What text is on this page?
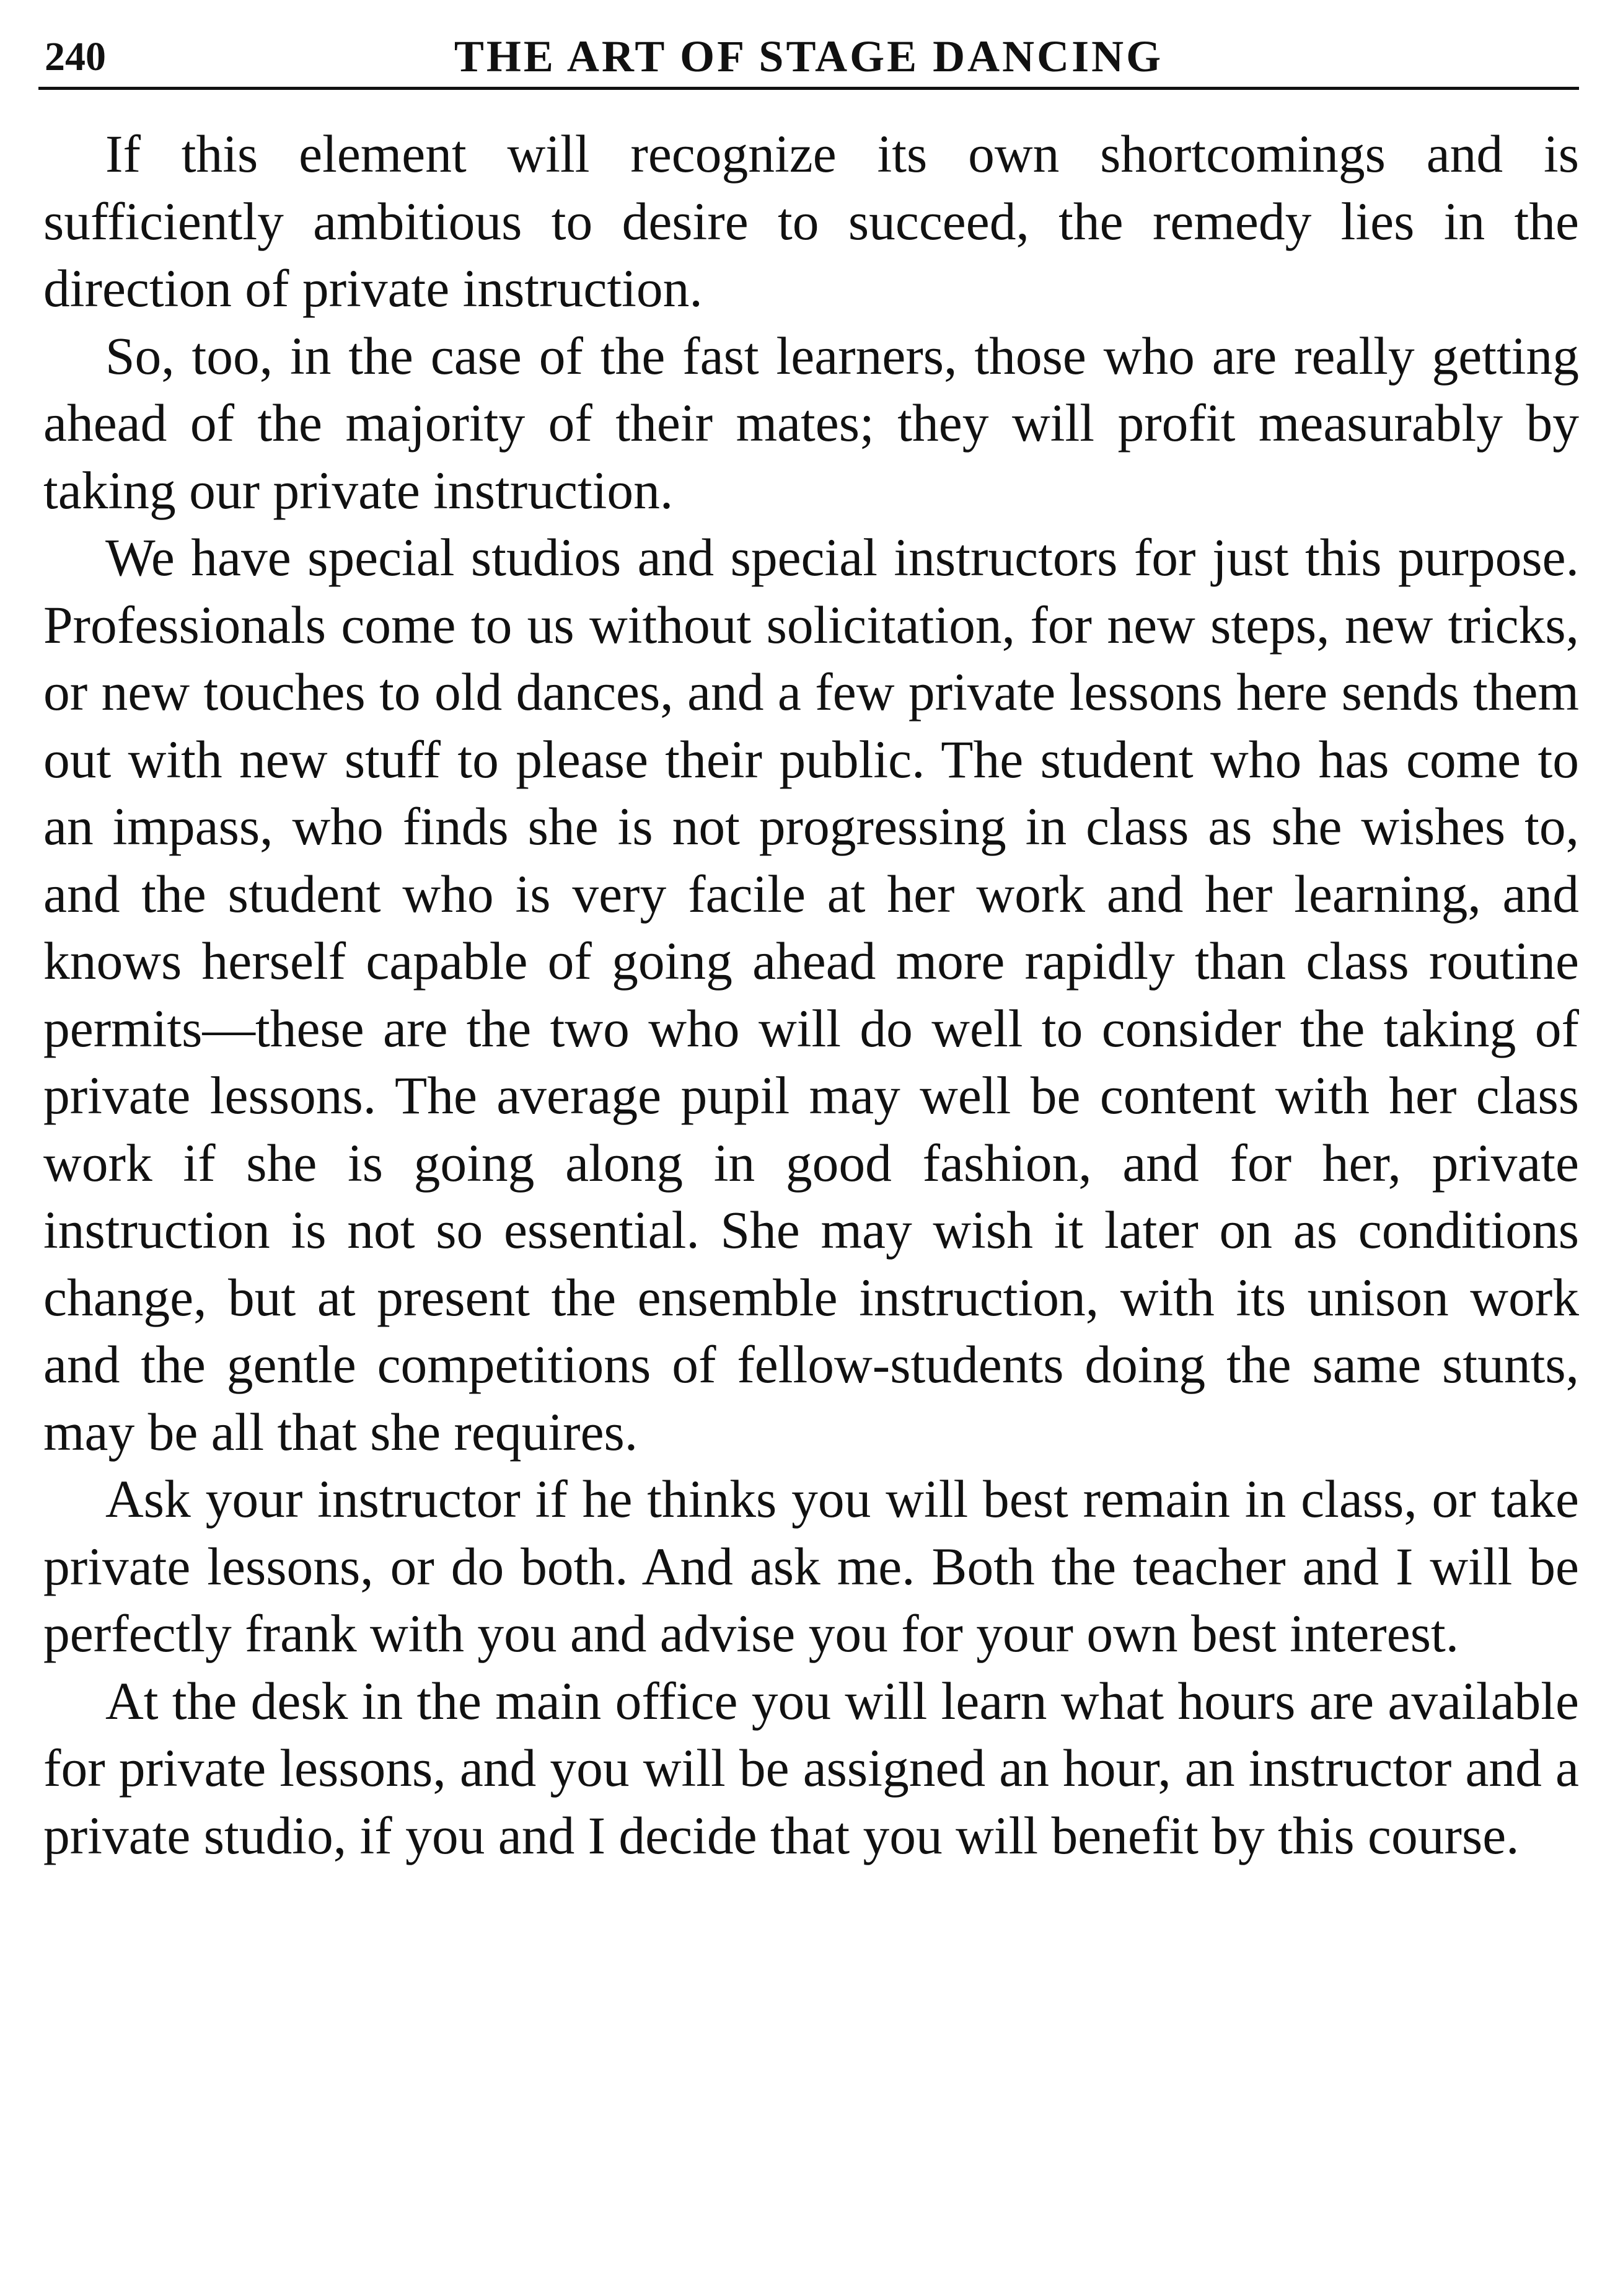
240	THE ART OF STAGE DANCING

If this element will recognize its own shortcomings and is sufficiently ambitious to desire to succeed, the remedy lies in the direction of private instruction.

So, too, in the case of the fast learners, those who are really getting ahead of the majority of their mates; they will profit measurably by taking our private instruction.

We have special studios and special instructors for just this purpose. Professionals come to us without solicitation, for new steps, new tricks, or new touches to old dances, and a few private lessons here sends them out with new stuff to please their public. The student who has come to an impass, who finds she is not progressing in class as she wishes to, and the student who is very facile at her work and her learning, and knows herself capable of going ahead more rapidly than class routine permits—these are the two who will do well to consider the taking of private lessons. The average pupil may well be content with her class work if she is going along in good fashion, and for her, private instruction is not so essential. She may wish it later on as conditions change, but at present the ensemble instruction, with its unison work and the gentle competitions of fellow-students doing the same stunts, may be all that she requires.

Ask your instructor if he thinks you will best remain in class, or take private lessons, or do both. And ask me. Both the teacher and I will be perfectly frank with you and advise you for your own best interest.

At the desk in the main office you will learn what hours are available for private lessons, and you will be assigned an hour, an instructor and a private studio, if you and I decide that you will benefit by this course.
